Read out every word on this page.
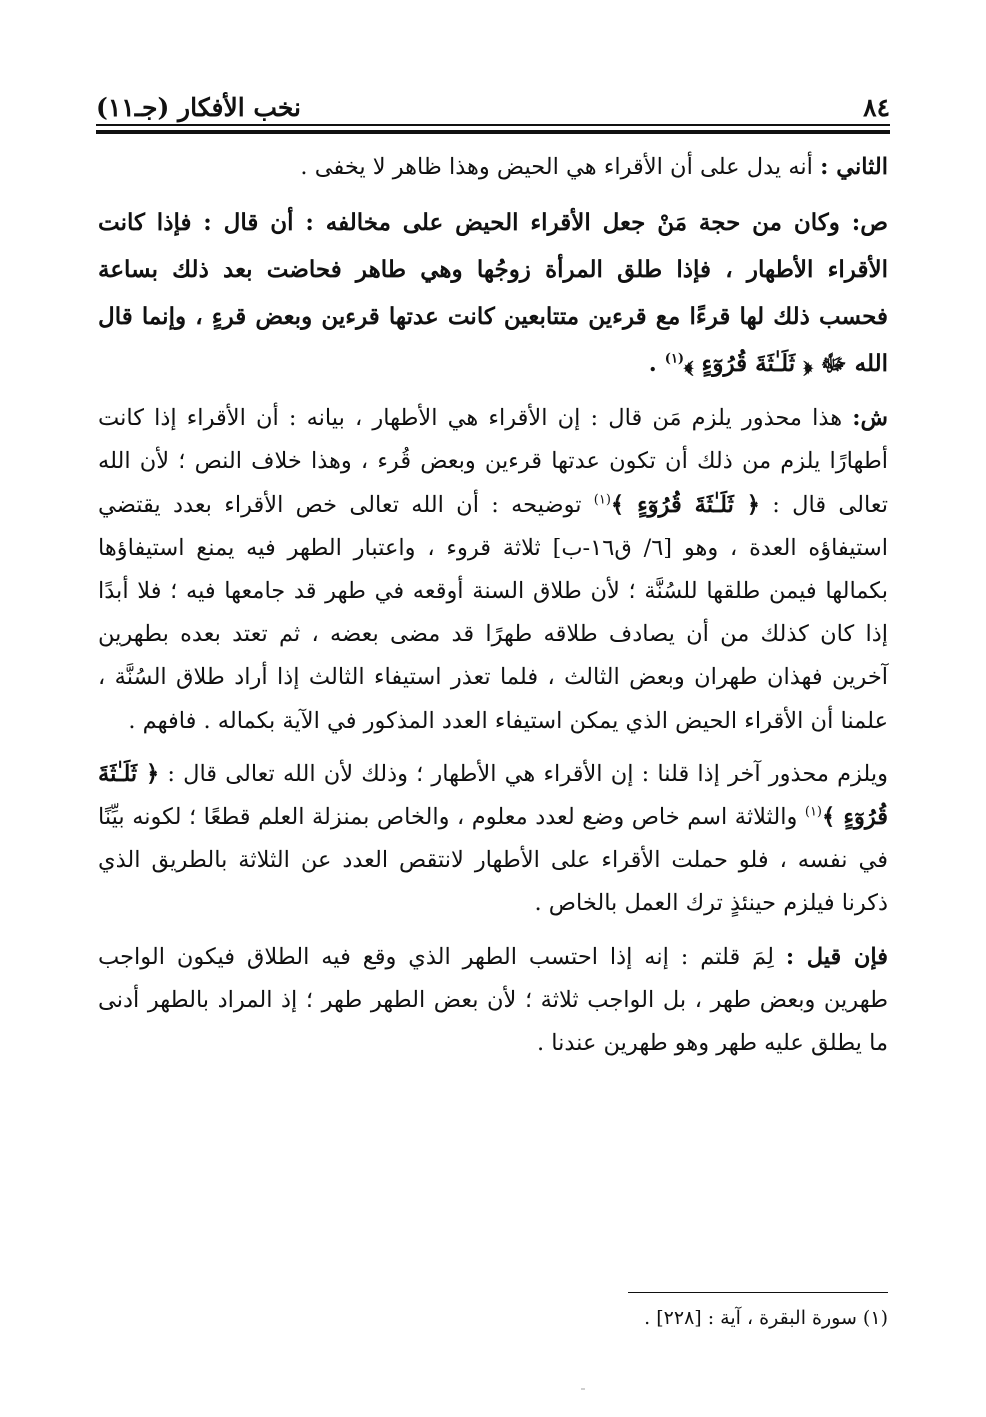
٨٤
نخب الأفكار (جـ١١)

الثاني : أنه يدل على أن الأقراء هي الحيض وهذا ظاهر لا يخفى .

ص: وكان من حجة مَنْ جعل الأقراء الحيض على مخالفه : أن قال : فإذا كانت الأقراء الأطهار ، فإذا طلق المرأة زوجُها وهي طاهر فحاضت بعد ذلك بساعة فحسب ذلك لها قرءًا مع قرءين متتابعين كانت عدتها قرءين وبعض قرءٍ ، وإنما قال الله ﷻ ﴿ ثَلَـٰثَةَ قُرُوٓءٍ ﴾$^{(١)}$ .

ش: هذا محذور يلزم مَن قال : إن الأقراء هي الأطهار ، بيانه : أن الأقراء إذا كانت أطهارًا يلزم من ذلك أن تكون عدتها قرءين وبعض قُرء ، وهذا خلاف النص ؛ لأن الله تعالى قال : ﴿ ثَلَـٰثَةَ قُرُوٓءٍ ﴾$^{(١)}$ توضيحه : أن الله تعالى خص الأقراء بعدد يقتضي استيفاؤه العدة ، وهو [٦/ ق١٦-ب] ثلاثة قروء ، واعتبار الطهر فيه يمنع استيفاؤها بكمالها فيمن طلقها للسُنَّة ؛ لأن طلاق السنة أوقعه في طهر قد جامعها فيه ؛ فلا أبدًا إذا كان كذلك من أن يصادف طلاقه طهرًا قد مضى بعضه ، ثم تعتد بعده بطهرين آخرين فهذان طهران وبعض الثالث ، فلما تعذر استيفاء الثالث إذا أراد طلاق السُنَّة ، علمنا أن الأقراء الحيض الذي يمكن استيفاء العدد المذكور في الآية بكماله . فافهم .

ويلزم محذور آخر إذا قلنا : إن الأقراء هي الأطهار ؛ وذلك لأن الله تعالى قال : ﴿ ثَلَـٰثَةَ قُرُوٓءٍ ﴾$^{(١)}$ والثلاثة اسم خاص وضع لعدد معلوم ، والخاص بمنزلة العلم قطعًا ؛ لكونه بيِّنًا في نفسه ، فلو حملت الأقراء على الأطهار لانتقص العدد عن الثلاثة بالطريق الذي ذكرنا فيلزم حينئذٍ ترك العمل بالخاص .

فإن قيل : لِمَ قلتم : إنه إذا احتسب الطهر الذي وقع فيه الطلاق فيكون الواجب طهرين وبعض طهر ، بل الواجب ثلاثة ؛ لأن بعض الطهر طهر ؛ إذ المراد بالطهر أدنى ما يطلق عليه طهر وهو طهرين عندنا .

(١) سورة البقرة ، آية : [٢٢٨] .
